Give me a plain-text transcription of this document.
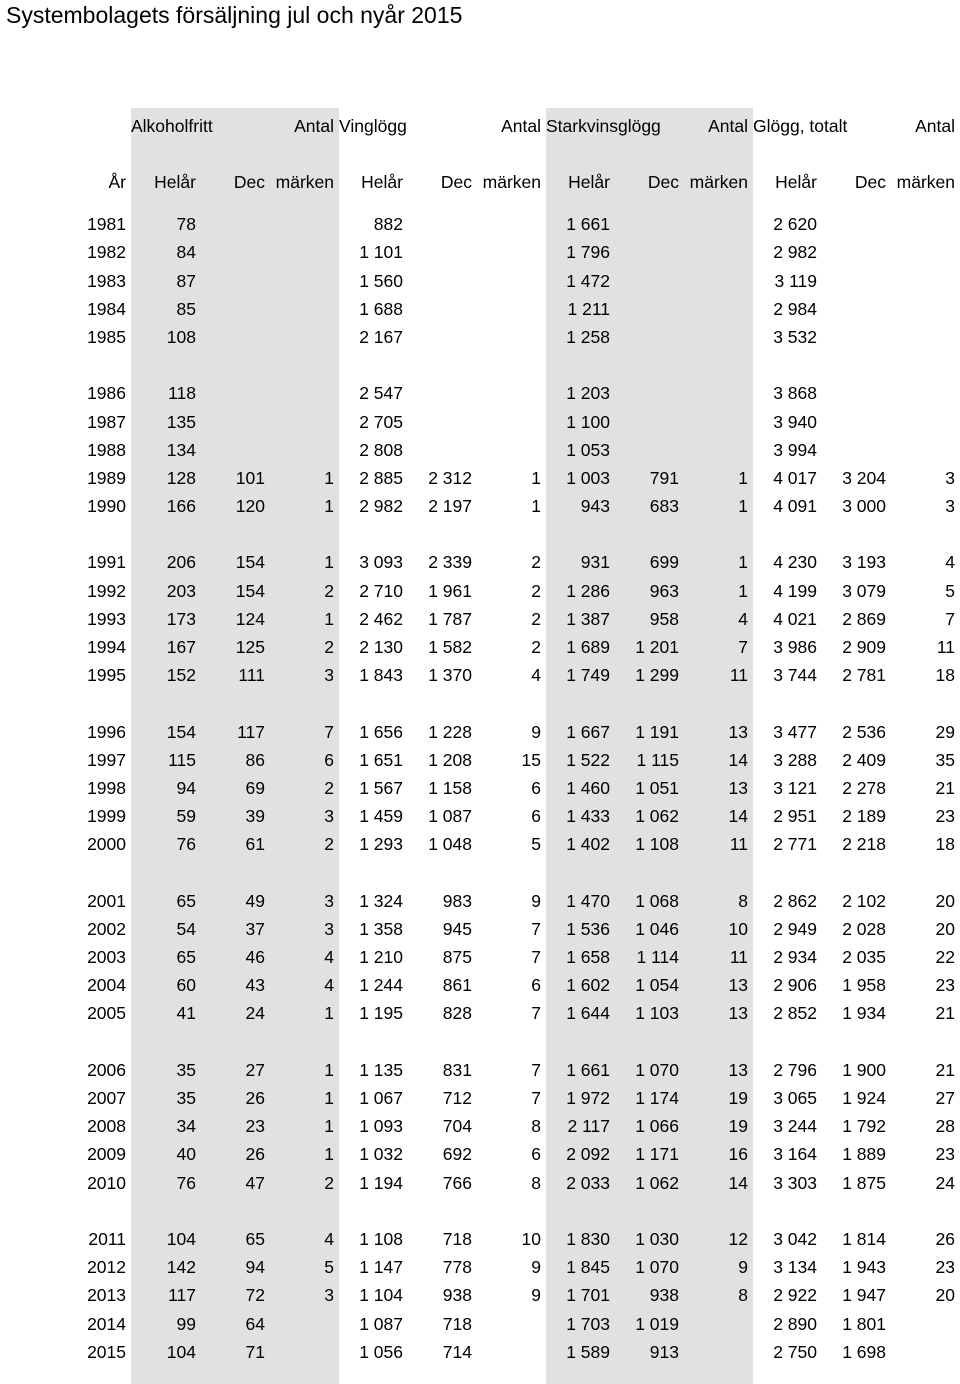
Systembolagets försäljning jul och nyår 2015
	Alkoholfritt		Antal	Vinglögg		Antal	Starkvinsglögg		Antal	Glögg, totalt		Antal
År	Helår	Dec	märken	Helår	Dec	märken	Helår	Dec	märken	Helår	Dec	märken
1981	78			882			1 661			2 620		
1982	84			1 101			1 796			2 982		
1983	87			1 560			1 472			3 119		
1984	85			1 688			1 211			2 984		
1985	108			2 167			1 258			3 532		

1986	118			2 547			1 203			3 868		
1987	135			2 705			1 100			3 940		
1988	134			2 808			1 053			3 994		
1989	128	101	1	2 885	2 312	1	1 003	791	1	4 017	3 204	3
1990	166	120	1	2 982	2 197	1	943	683	1	4 091	3 000	3

1991	206	154	1	3 093	2 339	2	931	699	1	4 230	3 193	4
1992	203	154	2	2 710	1 961	2	1 286	963	1	4 199	3 079	5
1993	173	124	1	2 462	1 787	2	1 387	958	4	4 021	2 869	7
1994	167	125	2	2 130	1 582	2	1 689	1 201	7	3 986	2 909	11
1995	152	111	3	1 843	1 370	4	1 749	1 299	11	3 744	2 781	18

1996	154	117	7	1 656	1 228	9	1 667	1 191	13	3 477	2 536	29
1997	115	86	6	1 651	1 208	15	1 522	1 115	14	3 288	2 409	35
1998	94	69	2	1 567	1 158	6	1 460	1 051	13	3 121	2 278	21
1999	59	39	3	1 459	1 087	6	1 433	1 062	14	2 951	2 189	23
2000	76	61	2	1 293	1 048	5	1 402	1 108	11	2 771	2 218	18

2001	65	49	3	1 324	983	9	1 470	1 068	8	2 862	2 102	20
2002	54	37	3	1 358	945	7	1 536	1 046	10	2 949	2 028	20
2003	65	46	4	1 210	875	7	1 658	1 114	11	2 934	2 035	22
2004	60	43	4	1 244	861	6	1 602	1 054	13	2 906	1 958	23
2005	41	24	1	1 195	828	7	1 644	1 103	13	2 852	1 934	21

2006	35	27	1	1 135	831	7	1 661	1 070	13	2 796	1 900	21
2007	35	26	1	1 067	712	7	1 972	1 174	19	3 065	1 924	27
2008	34	23	1	1 093	704	8	2 117	1 066	19	3 244	1 792	28
2009	40	26	1	1 032	692	6	2 092	1 171	16	3 164	1 889	23
2010	76	47	2	1 194	766	8	2 033	1 062	14	3 303	1 875	24

2011	104	65	4	1 108	718	10	1 830	1 030	12	3 042	1 814	26
2012	142	94	5	1 147	778	9	1 845	1 070	9	3 134	1 943	23
2013	117	72	3	1 104	938	9	1 701	938	8	2 922	1 947	20
2014	99	64		1 087	718		1 703	1 019		2 890	1 801	
2015	104	71		1 056	714		1 589	913		2 750	1 698	
